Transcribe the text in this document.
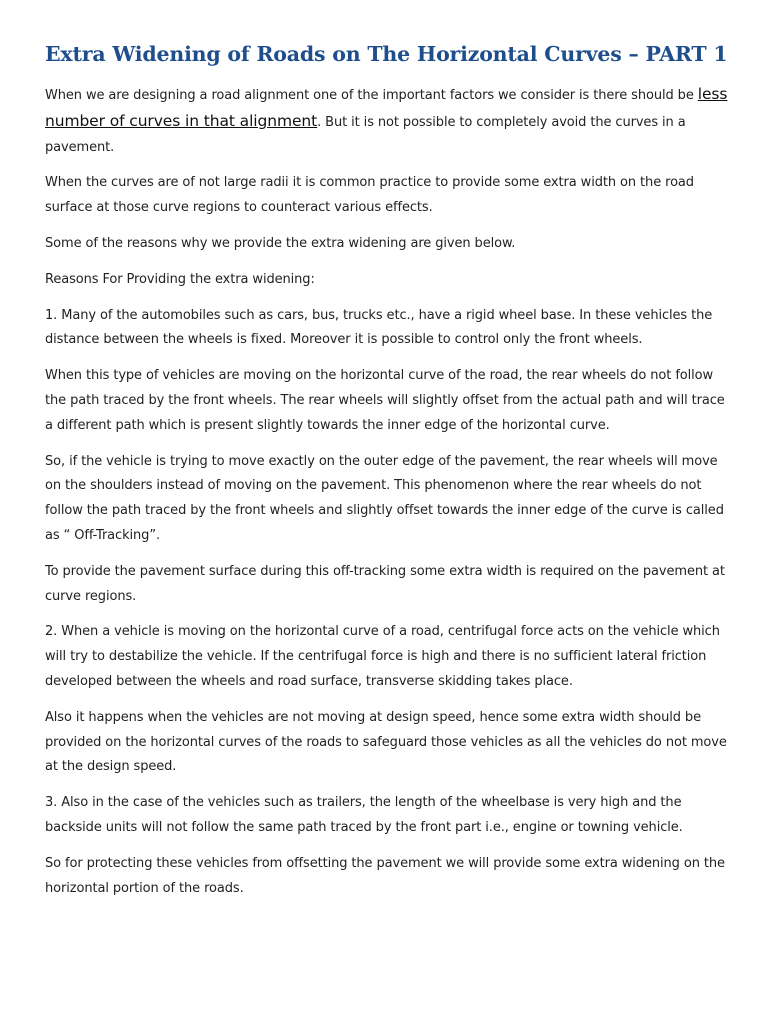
Extra Widening of Roads on The Horizontal Curves – PART 1

When we are designing a road alignment one of the important factors we consider is there should be less number of curves in that alignment. But it is not possible to completely avoid the curves in a pavement.

When the curves are of not large radii it is common practice to provide some extra width on the road surface at those curve regions to counteract various effects.

Some of the reasons why we provide the extra widening are given below.

Reasons For Providing the extra widening:

1. Many of the automobiles such as cars, bus, trucks etc., have a rigid wheel base. In these vehicles the distance between the wheels is fixed. Moreover it is possible to control only the front wheels.

When this type of vehicles are moving on the horizontal curve of the road, the rear wheels do not follow the path traced by the front wheels. The rear wheels will slightly offset from the actual path and will trace a different path which is present slightly towards the inner edge of the horizontal curve.

So, if the vehicle is trying to move exactly on the outer edge of the pavement, the rear wheels will move on the shoulders instead of moving on the pavement. This phenomenon where the rear wheels do not follow the path traced by the front wheels and slightly offset towards the inner edge of the curve is called as “ Off-Tracking”.

To provide the pavement surface during this off-tracking some extra width is required on the pavement at curve regions.

2. When a vehicle is moving on the horizontal curve of a road, centrifugal force acts on the vehicle which will try to destabilize the vehicle. If the centrifugal force is high and there is no sufficient lateral friction developed between the wheels and road surface, transverse skidding takes place.

Also it happens when the vehicles are not moving at design speed, hence some extra width should be provided on the horizontal curves of the roads to safeguard those vehicles as all the vehicles do not move at the design speed.

3. Also in the case of the vehicles such as trailers, the length of the wheelbase is very high and the backside units will not follow the same path traced by the front part i.e., engine or towning vehicle.

So for protecting these vehicles from offsetting the pavement we will provide some extra widening on the horizontal portion of the roads.
